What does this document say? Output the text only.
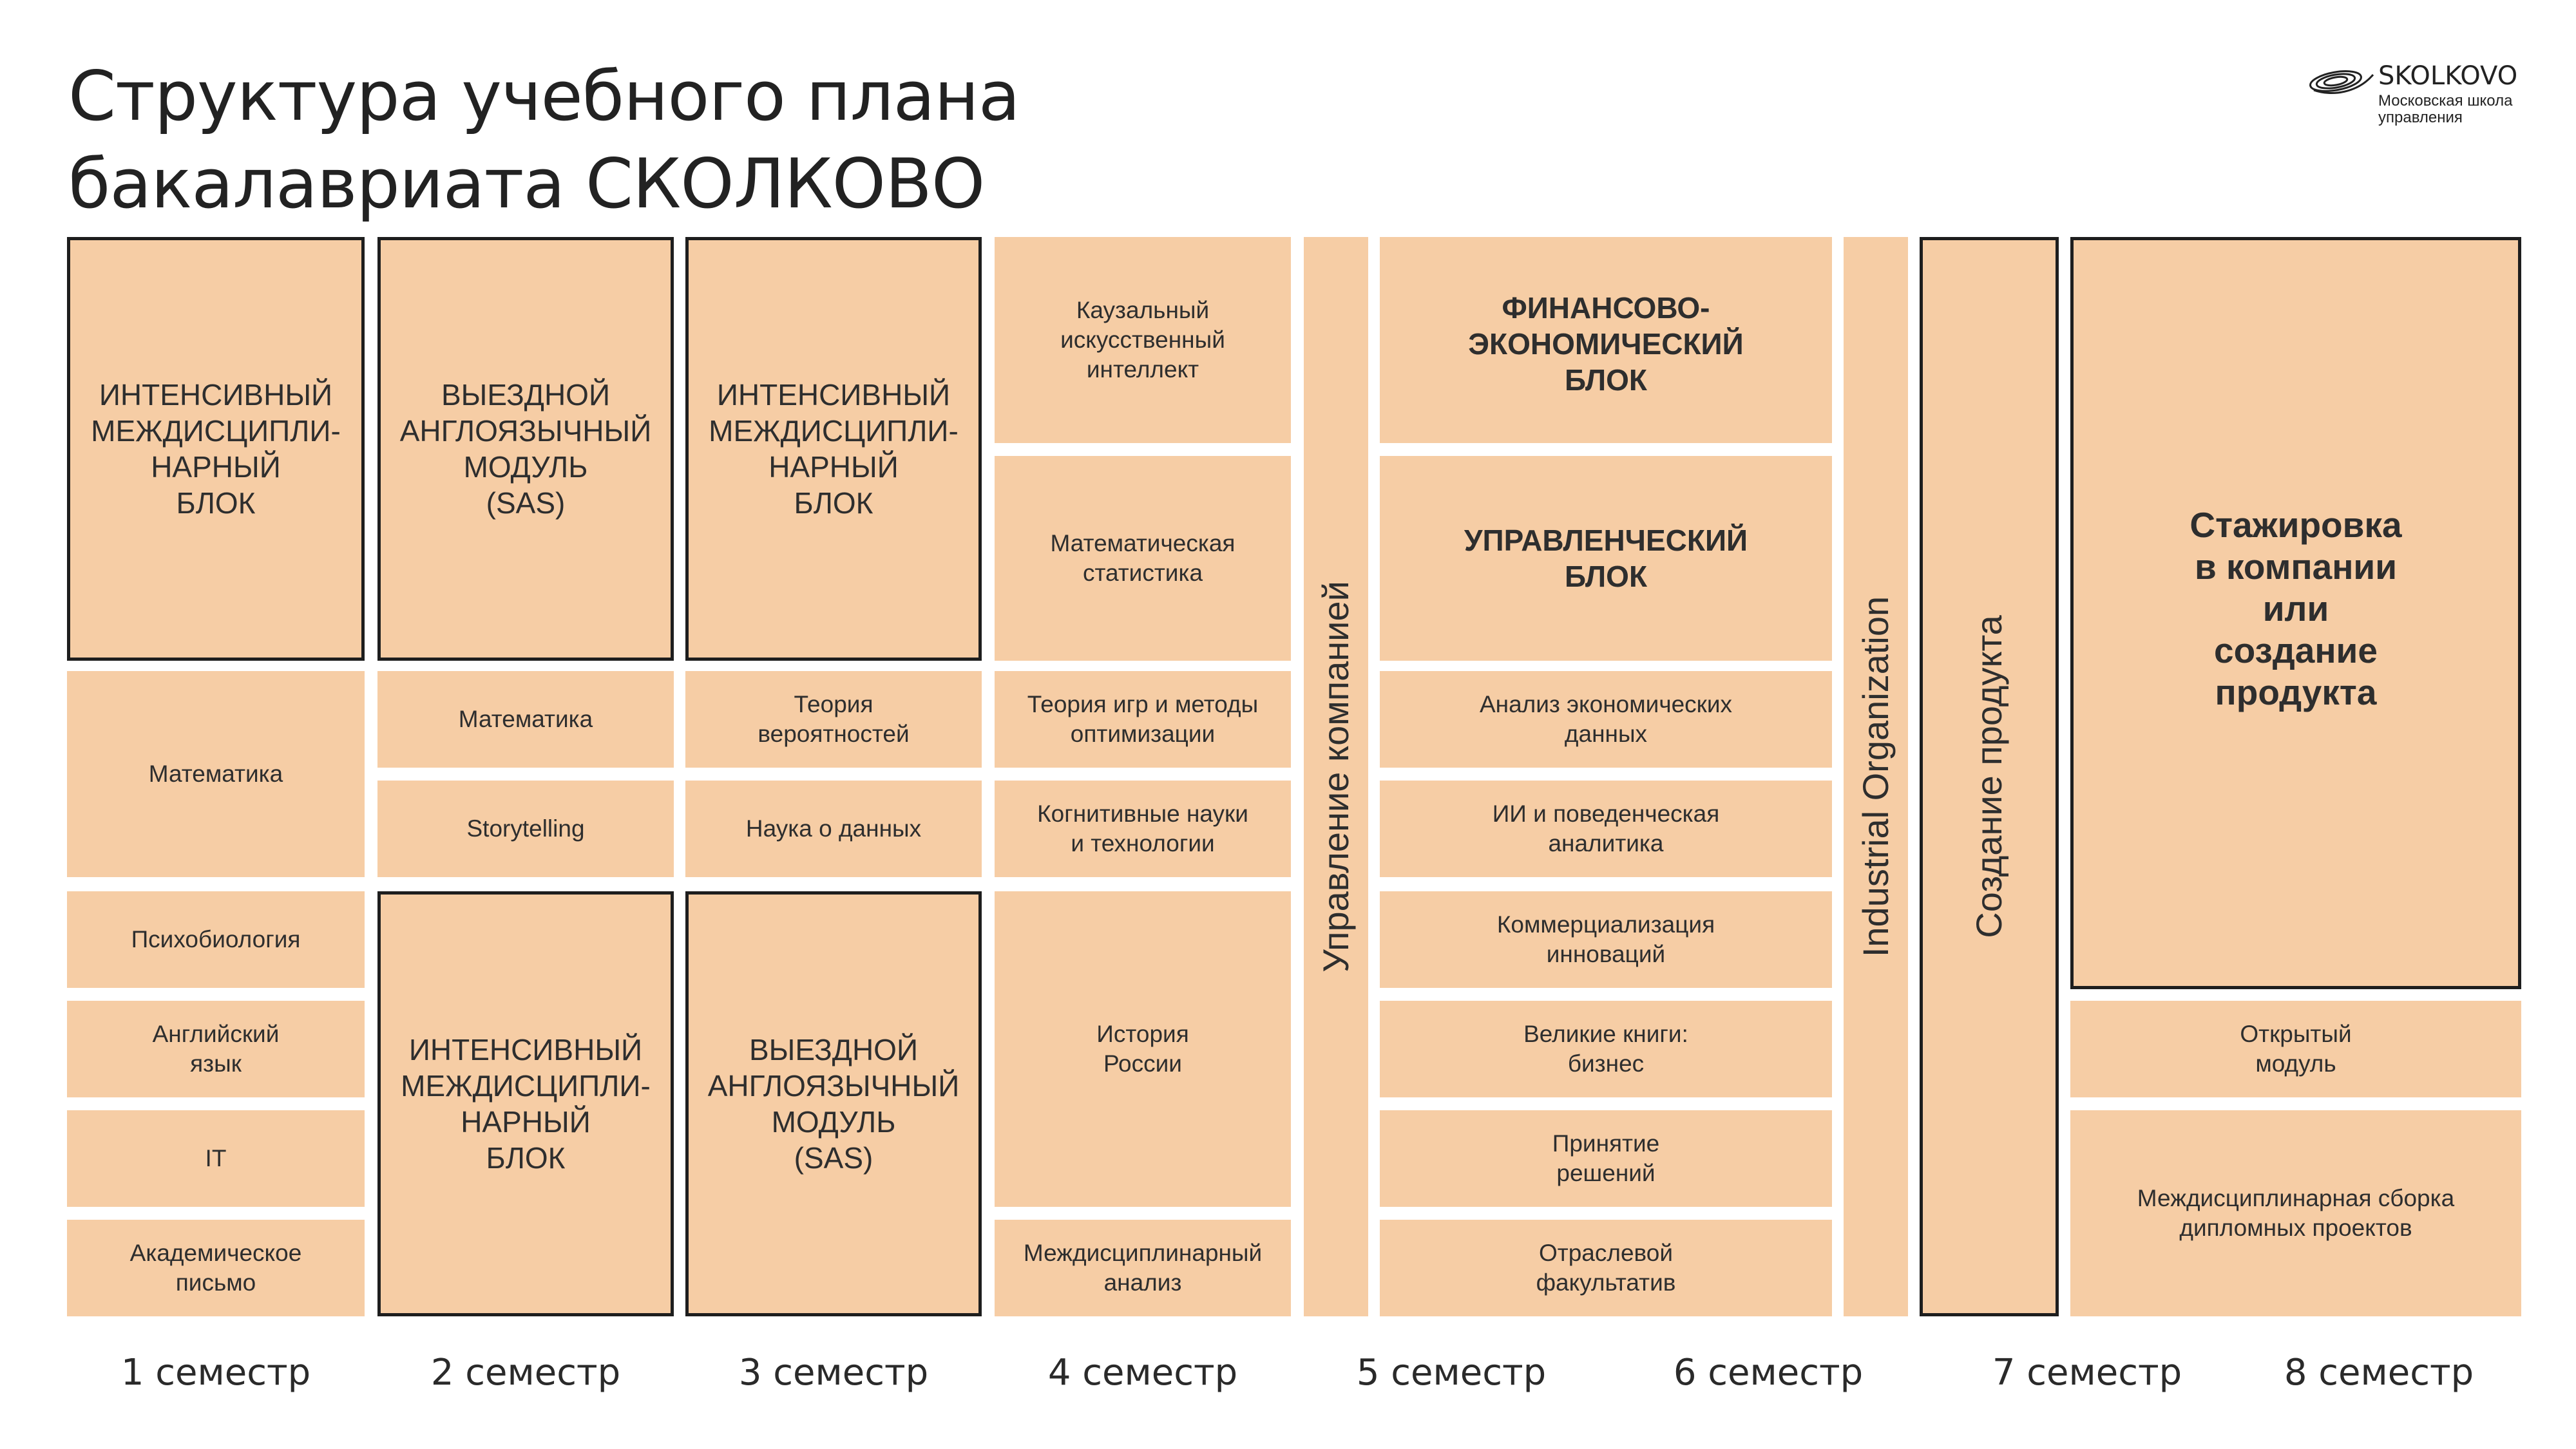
Структура учебного плана
бакалавриата СКОЛКОВО
SKOLKOVO
Московская школа управления
ИНТЕНСИВНЫЙ
МЕЖДИСЦИПЛИ-
НАРНЫЙ
БЛОК
Математика
Психобиология
Английский
язык
IT
Академическое
письмо
ВЫЕЗДНОЙ
АНГЛОЯЗЫЧНЫЙ
МОДУЛЬ
(SAS)
Математика
Storytelling
ИНТЕНСИВНЫЙ
МЕЖДИСЦИПЛИ-
НАРНЫЙ
БЛОК
ИНТЕНСИВНЫЙ
МЕЖДИСЦИПЛИ-
НАРНЫЙ
БЛОК
Теория
вероятностей
Наука о данных
ВЫЕЗДНОЙ
АНГЛОЯЗЫЧНЫЙ
МОДУЛЬ
(SAS)
Каузальный
искусственный
интеллект
Математическая
статистика
Теория игр и методы
оптимизации
Когнитивные науки
и технологии
История
России
Междисциплинарный
анализ
Управление компанией
ФИНАНСОВО-
ЭКОНОМИЧЕСКИЙ
БЛОК
УПРАВЛЕНЧЕСКИЙ
БЛОК
Анализ экономических
данных
ИИ и поведенческая
аналитика
Коммерциализация
инноваций
Великие книги:
бизнес
Принятие
решений
Отраслевой
факультатив
Industrial Organization Создание продукта
Стажировка
в компании
или
создание
продукта
Открытый
модуль
Междисциплинарная сборка
дипломных проектов
1 семестр	2 семестр	3 семестр	4 семестр	5 семестр	6 семестр	7 семестр	8 семестр
